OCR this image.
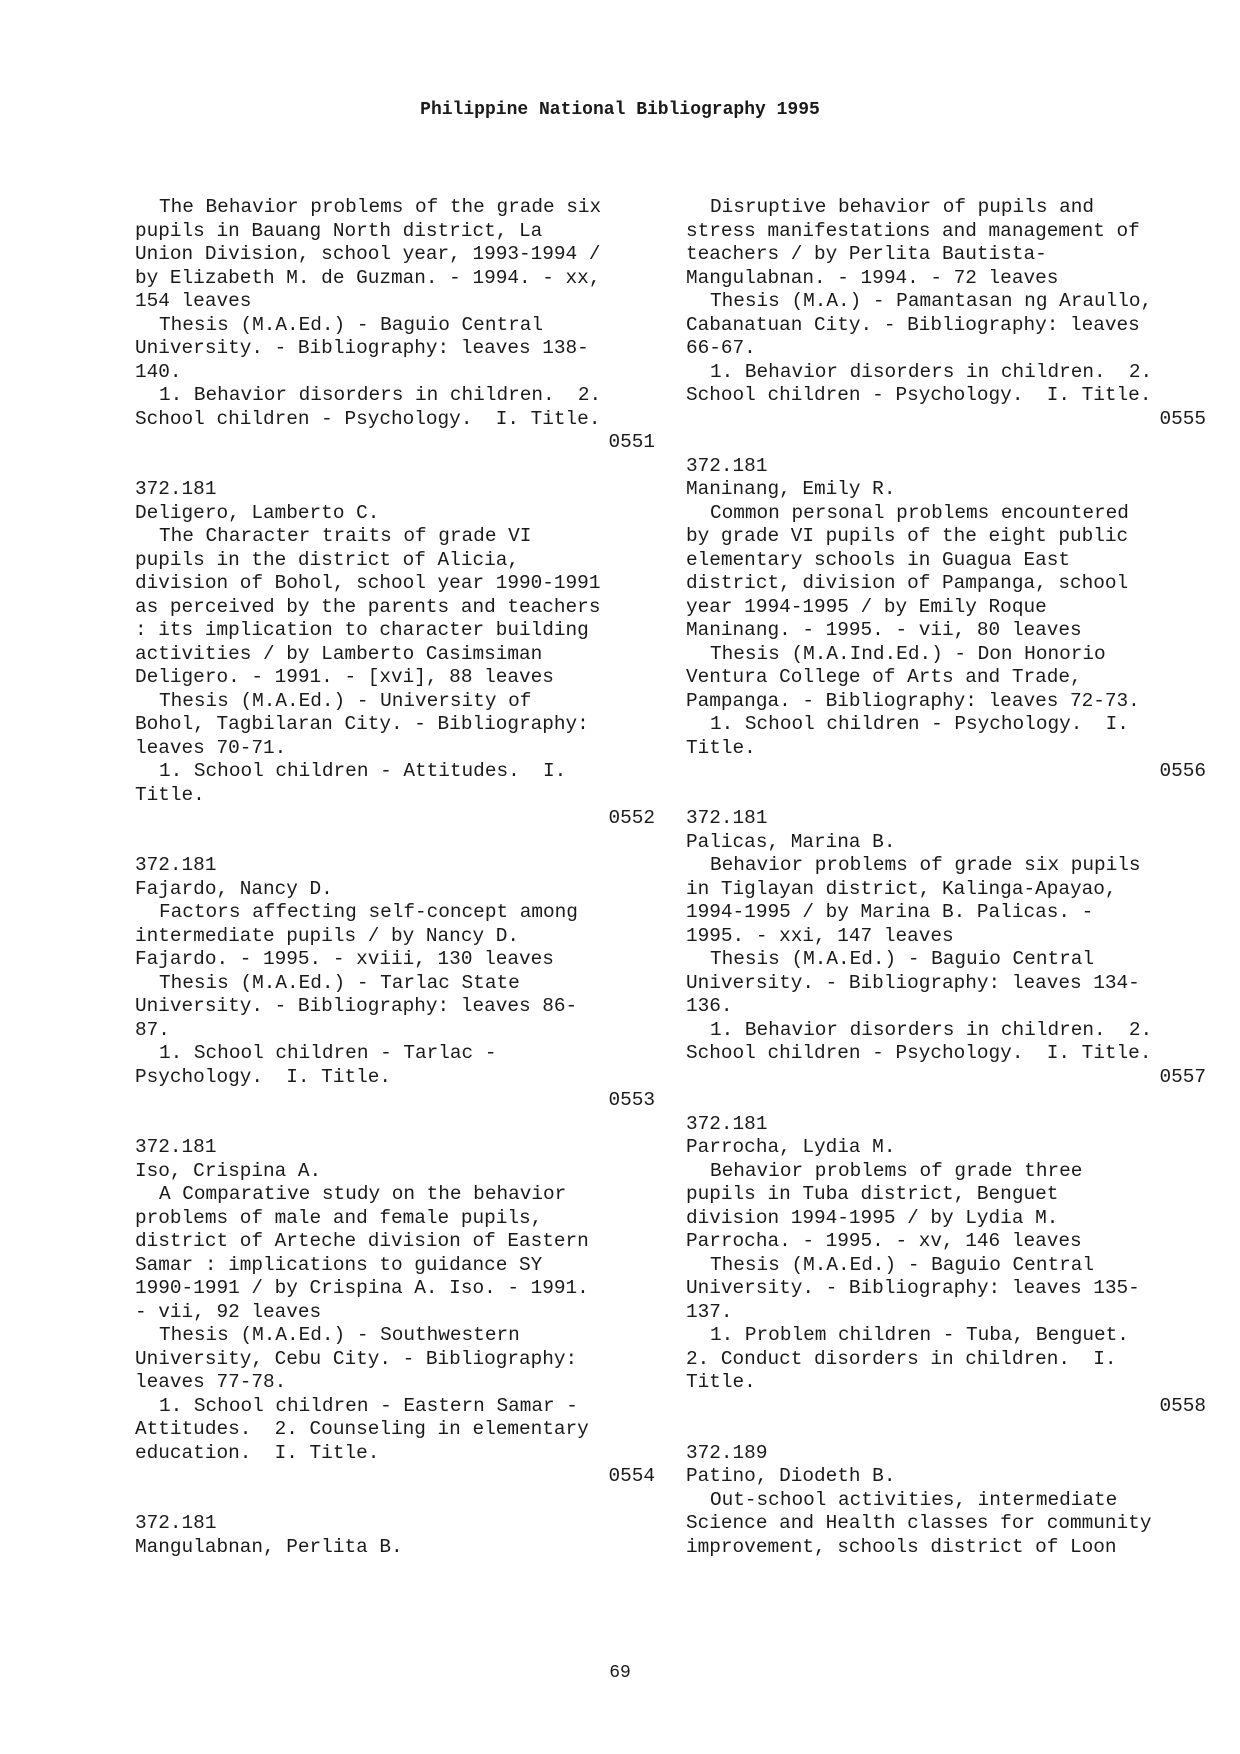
Philippine National Bibliography 1995
The Behavior problems of the grade six
pupils in Bauang North district, La
Union Division, school year, 1993-1994 /
by Elizabeth M. de Guzman. - 1994. - xx,
154 leaves
Thesis (M.A.Ed.) - Baguio Central
University. - Bibliography: leaves 138-
140.
1. Behavior disorders in children.  2.
School children - Psychology.  I. Title.
0551
372.181
Deligero, Lamberto C.
The Character traits of grade VI
pupils in the district of Alicia,
division of Bohol, school year 1990-1991
as perceived by the parents and teachers
: its implication to character building
activities / by Lamberto Casimsiman
Deligero. - 1991. - [xvi], 88 leaves
Thesis (M.A.Ed.) - University of
Bohol, Tagbilaran City. - Bibliography:
leaves 70-71.
1. School children - Attitudes.  I.
Title.
0552
372.181
Fajardo, Nancy D.
Factors affecting self-concept among
intermediate pupils / by Nancy D.
Fajardo. - 1995. - xviii, 130 leaves
Thesis (M.A.Ed.) - Tarlac State
University. - Bibliography: leaves 86-
87.
1. School children - Tarlac -
Psychology.  I. Title.
0553
372.181
Iso, Crispina A.
A Comparative study on the behavior
problems of male and female pupils,
district of Arteche division of Eastern
Samar : implications to guidance SY
1990-1991 / by Crispina A. Iso. - 1991.
- vii, 92 leaves
Thesis (M.A.Ed.) - Southwestern
University, Cebu City. - Bibliography:
leaves 77-78.
1. School children - Eastern Samar -
Attitudes.  2. Counseling in elementary
education.  I. Title.
0554
372.181
Mangulabnan, Perlita B.
Disruptive behavior of pupils and
stress manifestations and management of
teachers / by Perlita Bautista-
Mangulabnan. - 1994. - 72 leaves
Thesis (M.A.) - Pamantasan ng Araullo,
Cabanatuan City. - Bibliography: leaves
66-67.
1. Behavior disorders in children.  2.
School children - Psychology.  I. Title.
0555
372.181
Maninang, Emily R.
Common personal problems encountered
by grade VI pupils of the eight public
elementary schools in Guagua East
district, division of Pampanga, school
year 1994-1995 / by Emily Roque
Maninang. - 1995. - vii, 80 leaves
Thesis (M.A.Ind.Ed.) - Don Honorio
Ventura College of Arts and Trade,
Pampanga. - Bibliography: leaves 72-73.
1. School children - Psychology.  I.
Title.
0556
372.181
Palicas, Marina B.
Behavior problems of grade six pupils
in Tiglayan district, Kalinga-Apayao,
1994-1995 / by Marina B. Palicas. -
1995. - xxi, 147 leaves
Thesis (M.A.Ed.) - Baguio Central
University. - Bibliography: leaves 134-
136.
1. Behavior disorders in children.  2.
School children - Psychology.  I. Title.
0557
372.181
Parrocha, Lydia M.
Behavior problems of grade three
pupils in Tuba district, Benguet
division 1994-1995 / by Lydia M.
Parrocha. - 1995. - xv, 146 leaves
Thesis (M.A.Ed.) - Baguio Central
University. - Bibliography: leaves 135-
137.
1. Problem children - Tuba, Benguet.
2. Conduct disorders in children.  I.
Title.
0558
372.189
Patino, Diodeth B.
Out-school activities, intermediate
Science and Health classes for community
improvement, schools district of Loon
69
